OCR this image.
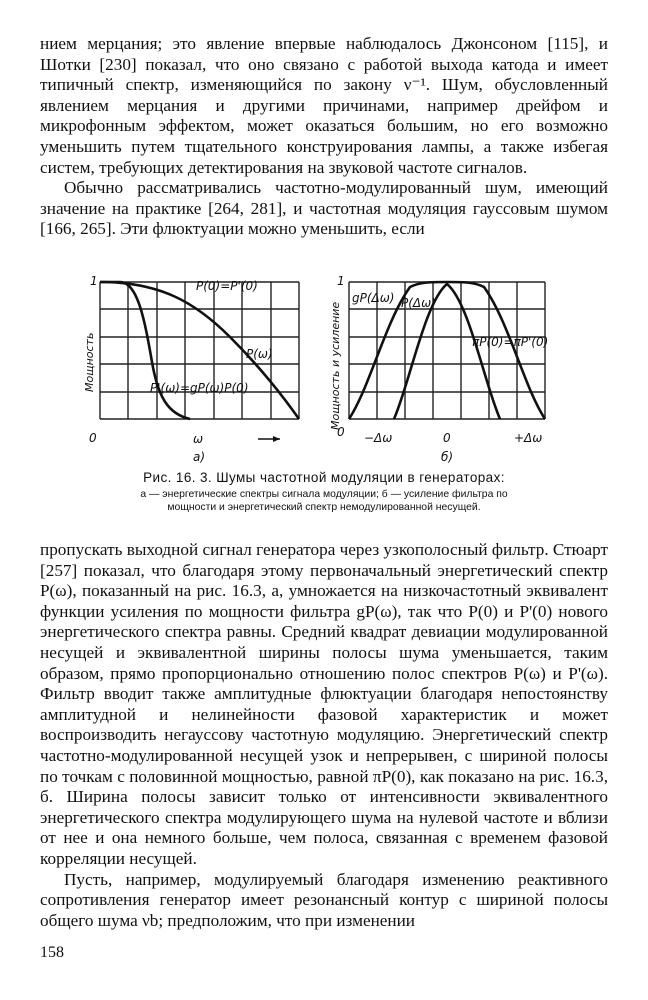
нием мерцания; это явление впервые наблюдалось Джонсоном [115], и Шотки [230] показал, что оно связано с работой выхода катода и имеет типичный спектр, изменяющийся по закону ν⁻¹. Шум, обусловленный явлением мерцания и другими причинами, например дрейфом и микрофонным эффектом, может оказаться большим, но его возможно уменьшить путем тщательного конструирования лампы, а также избегая систем, требующих детектирования на звуковой частоте сигналов.

Обычно рассматривались частотно-модулированный шум, имеющий значение на практике [264, 281], и частотная модуляция гауссовым шумом [166, 265]. Эти флюктуации можно уменьшить, если

1
0
Мощность
P(0)=P'(0)
P(ω)
P'(ω)=gP(ω)P(0)
ω
а)
1
0
Мощность и усиление
gP(Δω) P(Δω)
πP(0)=πP'(0)
−Δω	0	+Δω
б)
Рис. 16. 3. Шумы частотной модуляции в генераторах:
а — энергетические спектры сигнала модуляции; б — усиление фильтра по
мощности и энергетический спектр немодулированной несущей.

пропускать выходной сигнал генератора через узкополосный фильтр. Стюарт [257] показал, что благодаря этому первоначальный энергетический спектр P(ω), показанный на рис. 16.3, а, умножается на низкочастотный эквивалент функции усиления по мощности фильтра gP(ω), так что P(0) и P'(0) нового энергетического спектра равны. Средний квадрат девиации модулированной несущей и эквивалентной ширины полосы шума уменьшается, таким образом, прямо пропорционально отношению полос спектров P(ω) и P'(ω). Фильтр вводит также амплитудные флюктуации благодаря непостоянству амплитудной и нелинейности фазовой характеристик и может воспроизводить негауссову частотную модуляцию. Энергетический спектр частотно-модулированной несущей узок и непрерывен, с шириной полосы по точкам с половинной мощностью, равной πP(0), как показано на рис. 16.3, б. Ширина полосы зависит только от интенсивности эквивалентного энергетического спектра модулирующего шума на нулевой частоте и вблизи от нее и она немного больше, чем полоса, связанная с временем фазовой корреляции несущей.

Пусть, например, модулируемый благодаря изменению реактивного сопротивления генератор имеет резонансный контур с шириной полосы общего шума νb; предположим, что при изменении

158
